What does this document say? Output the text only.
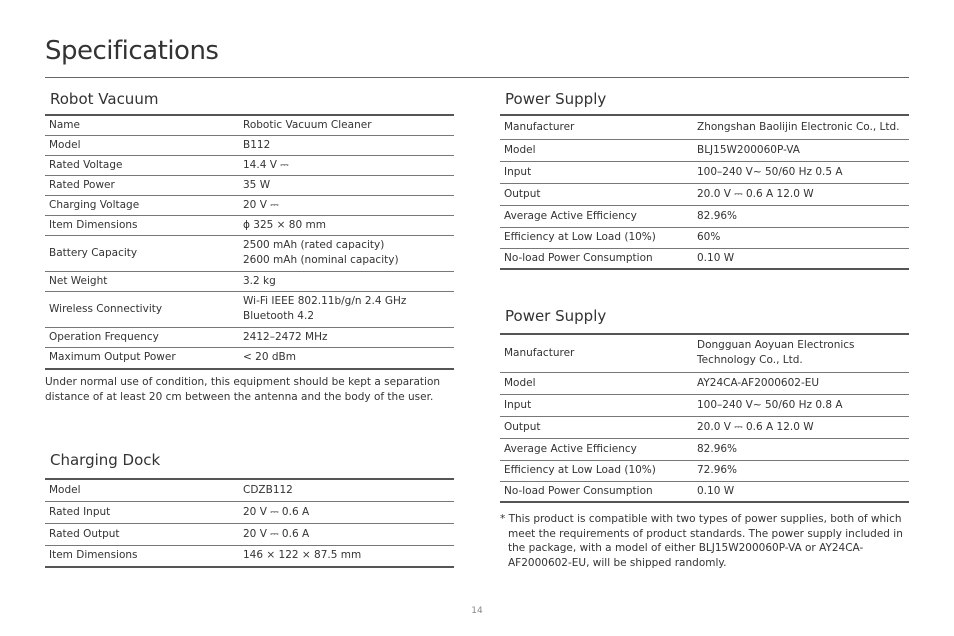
Specifications
Robot Vacuum
Name	Robotic Vacuum Cleaner

Model	B112

Rated Voltage	14.4 V ⎓

Rated Power	35 W

Charging Voltage	20 V ⎓

Item Dimensions	ϕ 325 × 80 mm

Battery Capacity	2500 mAh (rated capacity)
2600 mAh (nominal capacity)

Net Weight	3.2 kg

Wireless Connectivity	Wi-Fi IEEE 802.11b/g/n 2.4 GHz
Bluetooth 4.2

Operation Frequency	2412–2472 MHz

Maximum Output Power	< 20 dBm

Under normal use of condition, this equipment should be kept a separation distance of at least 20 cm between the antenna and the body of the user.

Charging Dock
Model	CDZB112

Rated Input	20 V ⎓ 0.6 A

Rated Output	20 V ⎓ 0.6 A

Item Dimensions	146 × 122 × 87.5 mm
Power Supply
Manufacturer	Zhongshan Baolijin Electronic Co., Ltd.

Model	BLJ15W200060P-VA

Input	100–240 V~ 50/60 Hz 0.5 A

Output	20.0 V ⎓ 0.6 A 12.0 W

Average Active Efficiency	82.96%

Efficiency at Low Load (10%)	60%

No-load Power Consumption	0.10 W
Power Supply
Manufacturer	Dongguan Aoyuan Electronics
Technology Co., Ltd.

Model	AY24CA-AF2000602-EU

Input	100–240 V~ 50/60 Hz 0.8 A

Output	20.0 V ⎓ 0.6 A 12.0 W

Average Active Efficiency	82.96%

Efficiency at Low Load (10%)	72.96%

No-load Power Consumption	0.10 W

* This product is compatible with two types of power supplies, both of which meet the requirements of product standards. The power supply included in the package, with a model of either BLJ15W200060P-VA or AY24CA-AF2000602-EU, will be shipped randomly.

14
